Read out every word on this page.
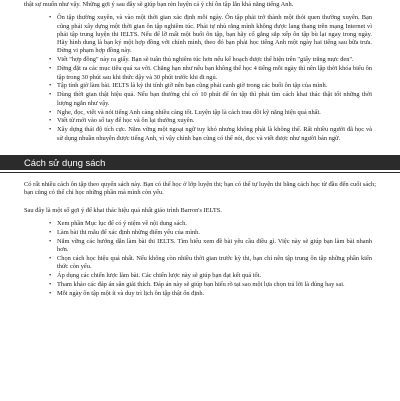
thật sự muốn như vậy. Những gợi ý sau đây sẽ giúp bạn rèn luyện cả ý chí ôn tập lẫn khả năng tiếng Anh.

• Ôn tập thường xuyên, và vào một thời gian xác định mỗi ngày. Ôn tập phải trở thành một thói quen thường xuyên. Bạn cũng phải xây dựng một thời gian ôn tập nghiêm túc. Phải tự nhủ rằng mình không được lang thang trên mạng Internet vì phải tập trung luyện thi IELTS. Nếu để lỡ mất một buổi ôn tập, bạn hãy cố gắng sắp xếp ôn tập bù lại ngay trong ngày. Hãy hình dung là bạn ký một hợp đồng với chính mình, theo đó bạn phải học tiếng Anh một ngày hai tiếng sau bữa trưa. Đừng vi phạm hợp đồng này.
• Viết "hợp đồng" này ra giấy. Bạn sẽ tuân thủ nghiêm túc hơn nếu kế hoạch được thể hiện trên "giấy trắng mực đen".
• Dừng đặt ra các mục tiêu quá xa vời. Chẳng hạn như nếu bạn không thể học 4 tiếng mỗi ngày thì nên lập thời khóa biểu ôn tập trong 30 phút sau khi thức dậy và 30 phút trước khi đi ngủ.
• Tập tính giờ làm bài. IELTS là kỳ thi tính giờ nên bạn cũng phải canh giờ trong các buổi ôn tập của mình.
• Dùng thời gian thật hiệu quả. Nếu bạn thường chỉ có 10 phút để ôn tập thì phải tìm cách khai thác thật tốt những thời lượng ngắn như vậy.
• Nghe, đọc, viết và nói tiếng Anh càng nhiều càng tốt. Luyện tập là cách trau dồi kỹ năng hiệu quả nhất.
• Viết từ mới vào sổ tay để học và ôn lại thường xuyên.
• Xây dựng thái độ tích cực. Nằm vững một ngoại ngữ tuy khó nhưng không phải là không thể. Rất nhiều người đã học và sử dụng nhuần nhuyễn được tiếng Anh, vì vậy chính bạn cũng có thể nói, đọc và viết được như người bản ngữ.
Cách sử dụng sách

Có rất nhiều cách ôn tập theo quyển sách này. Bạn có thể học ở lớp luyện thi; bạn có thể tự luyện thi bằng cách học từ đầu đến cuối sách; bạn cũng có thể chỉ học những phần mà mình còn yếu.

Sau đây là một số gợi ý để khai thác hiệu quả nhất giáo trình Barron's IELTS.

• Xem phần Mục lục để có ý niệm về nội dung sách.
• Làm bài thi mẫu để xác định những điểm yếu của mình.
• Nắm vững các hướng dẫn làm bài thi IELTS. Tìm hiểu xem đề bài yêu cầu điều gì. Việc này sẽ giúp bạn làm bài nhanh hơn.
• Chọn cách học hiệu quả nhất. Nếu không còn nhiều thời gian trước kỳ thi, bạn chỉ nên tập trung ôn tập những phần kiến thức còn yếu.
• Áp dụng các chiến lược làm bài. Các chiến lược này sẽ giúp bạn đạt kết quả tốt.
• Tham khảo các đáp án sẵn giải thích. Đáp án này sẽ giúp bạn hiểu rõ tại sao một lựa chọn trả lời là đúng hay sai.
• Mỗi ngày ôn tập một ít và duy trì lịch ôn tập thật ổn định.
